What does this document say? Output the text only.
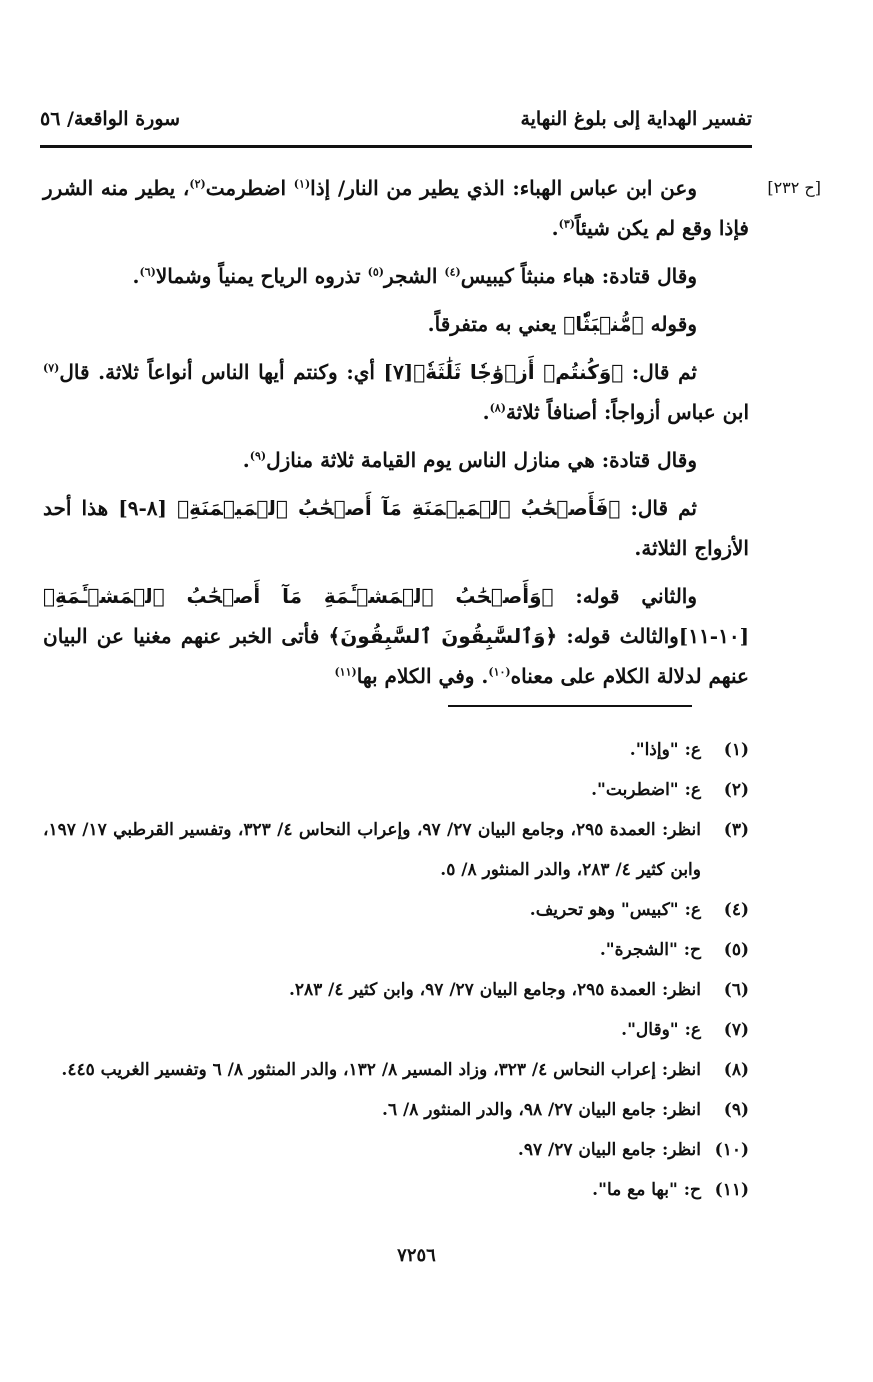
تفسير الهداية إلى بلوغ النهاية
سورة الواقعة/ ٥٦
[ح ٢٣٢]

وعن ابن عباس الهباء: الذي يطير من النار/ إذا$^{(١)}$ اضطرمت$^{(٢)}$، يطير منه الشرر فإذا وقع لم يكن شيئاً$^{(٣)}$.

وقال قتادة: هباء منبثاً كيبيس$^{(٤)}$ الشجر$^{(٥)}$ تذروه الرياح يمنياً وشمالا$^{(٦)}$.

وقوله ﴿مُّنۢبَثّٗا﴾ يعني به متفرقاً.

ثم قال: ﴿وَكُنتُمۡ أَزۡوَٰجٗا ثَلَٰثَةٗ﴾[٧] أي: وكنتم أيها الناس أنواعاً ثلاثة. قال$^{(٧)}$ ابن عباس أزواجاً: أصنافاً ثلاثة$^{(٨)}$.

وقال قتادة: هي منازل الناس يوم القيامة ثلاثة منازل$^{(٩)}$.

ثم قال: ﴿فَأَصۡحَٰبُ ٱلۡمَيۡمَنَةِ مَآ أَصۡحَٰبُ ٱلۡمَيۡمَنَةِ﴾ [٨-٩] هذا أحد الأزواج الثلاثة.

والثاني قوله: ﴿وَأَصۡحَٰبُ ٱلۡمَشۡـَٔمَةِ مَآ أَصۡحَٰبُ ٱلۡمَشۡـَٔمَةِ﴾[١٠-١١]والثالث قوله: ﴿وَٱلسَّٰبِقُونَ ٱلسَّٰبِقُونَ﴾ فأتى الخبر عنهم مغنيا عن البيان عنهم لدلالة الكلام على معناه$^{(١٠)}$. وفي الكلام بها$^{(١١)}$

(١)
ع: "وإذا".
(٢)
ع: "اضطربت".
(٣)
انظر: العمدة ٢٩٥، وجامع البيان ٢٧/ ٩٧، وإعراب النحاس ٤/ ٣٢٣، وتفسير القرطبي ١٧/ ١٩٧، وابن كثير ٤/ ٢٨٣، والدر المنثور ٨/ ٥.
(٤)
ع: "كبيس" وهو تحريف.
(٥)
ح: "الشجرة".
(٦)
انظر: العمدة ٢٩٥، وجامع البيان ٢٧/ ٩٧، وابن كثير ٤/ ٢٨٣.
(٧)
ع: "وقال".
(٨)
انظر: إعراب النحاس ٤/ ٣٢٣، وزاد المسير ٨/ ١٣٢، والدر المنثور ٨/ ٦ وتفسير الغريب ٤٤٥.
(٩)
انظر: جامع البيان ٢٧/ ٩٨، والدر المنثور ٨/ ٦.
(١٠)
انظر: جامع البيان ٢٧/ ٩٧.
(١١)
ح: "بها مع ما".
٧٢٥٦
